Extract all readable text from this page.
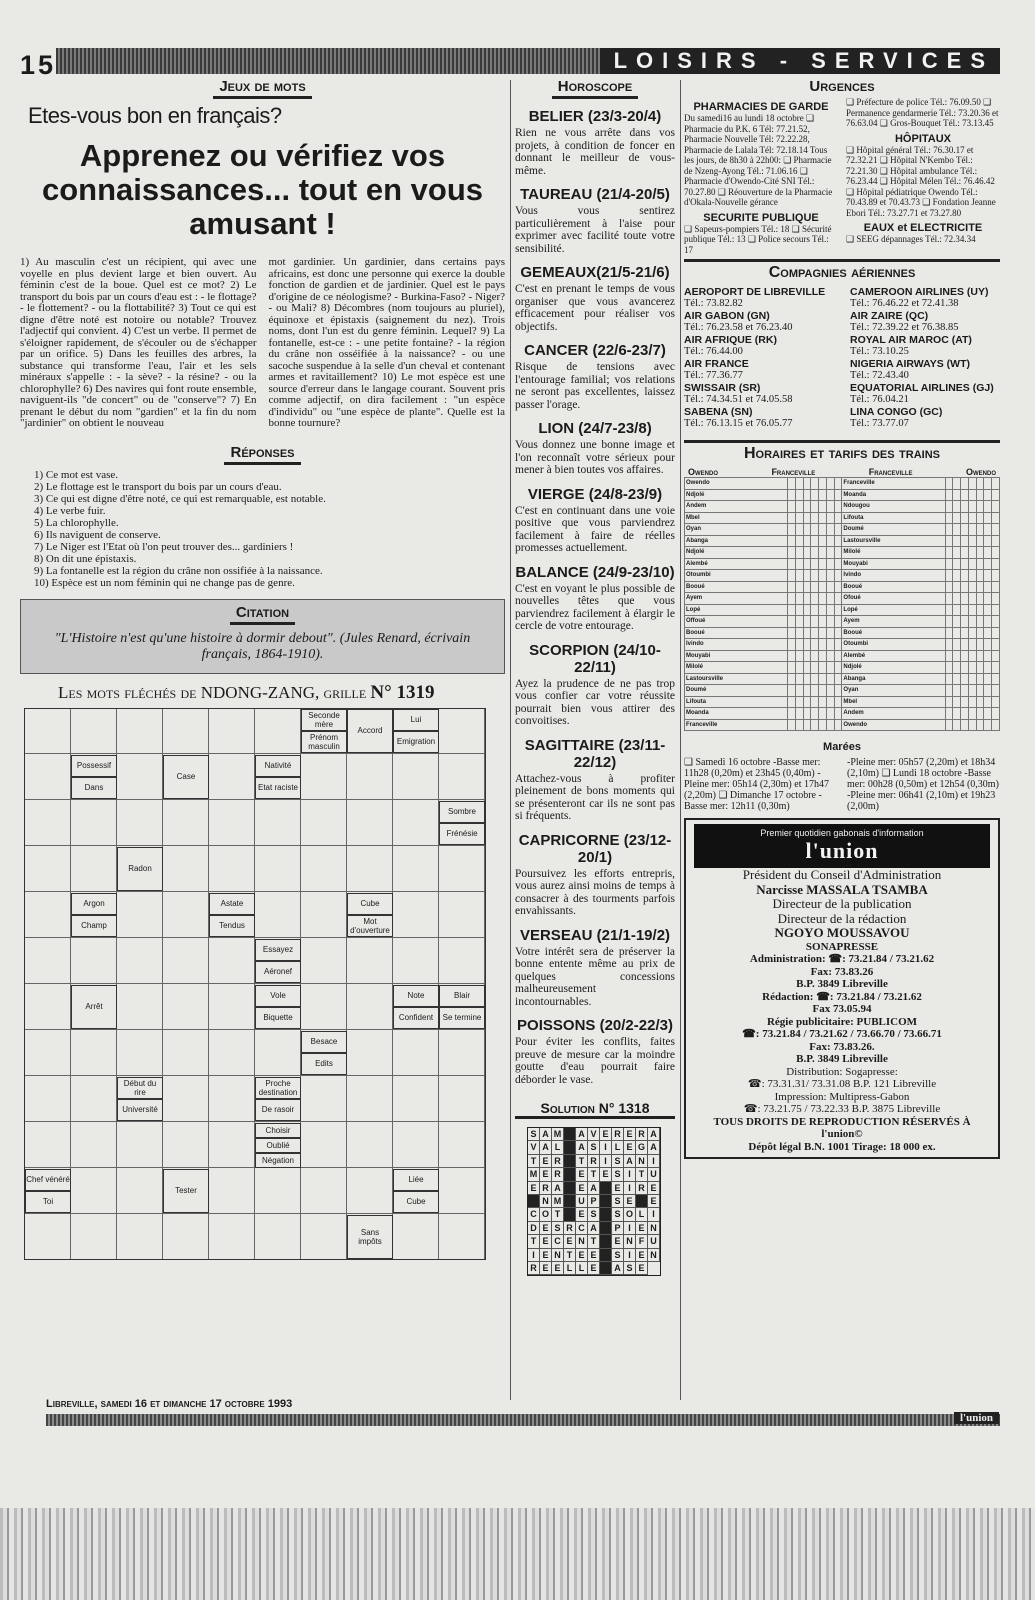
15	LOISIRS - SERVICES
Jeux de mots
Etes-vous bon en français?
Apprenez ou vérifiez vos connaissances... tout en vous amusant !
1) Au masculin c'est un récipient, qui avec une voyelle en plus devient large et bien ouvert. Au féminin c'est de la boue. Quel est ce mot? 2) Le transport du bois par un cours d'eau est : - le flottage? - le flottement? - ou la flottabilité? 3) Tout ce qui est digne d'être noté est notoire ou notable? Trouvez l'adjectif qui convient. 4) C'est un verbe. Il permet de s'éloigner rapidement, de s'écouler ou de s'échapper par un orifice. 5) Dans les feuilles des arbres, la substance qui transforme l'eau, l'air et les sels minéraux s'appelle : - la sève? - la résine? - ou la chlorophylle? 6) Des navires qui font route ensemble, naviguent-ils "de concert" ou de "conserve"? 7) En prenant le début du nom "gardien" et la fin du nom "jardinier" on obtient le nouveau
mot gardinier. Un gardinier, dans certains pays africains, est donc une personne qui exerce la double fonction de gardien et de jardinier. Quel est le pays d'origine de ce néologisme? - Burkina-Faso? - Niger? - ou Mali? 8) Décombres (nom toujours au pluriel), équinoxe et épistaxis (saignement du nez). Trois noms, dont l'un est du genre féminin. Lequel? 9) La fontanelle, est-ce : - une petite fontaine? - la région du crâne non osséifiée à la naissance? - ou une sacoche suspendue à la selle d'un cheval et contenant armes et ravitaillement? 10) Le mot espèce est une source d'erreur dans le langage courant. Souvent pris comme adjectif, on dira facilement : "un espèce d'individu" ou "une espèce de plante". Quelle est la bonne tournure?
Réponses
1) Ce mot est vase.
2) Le flottage est le transport du bois par un cours d'eau.
3) Ce qui est digne d'être noté, ce qui est remarquable, est notable.
4) Le verbe fuir.
5) La chlorophylle.
6) Ils naviguent de conserve.
7) Le Niger est l'Etat où l'on peut trouver des... gardiniers !
8) On dit une épistaxis.
9) La fontanelle est la région du crâne non ossifiée à la naissance.
10) Espèce est un nom féminin qui ne change pas de genre.
Citation
"L'Histoire n'est qu'une histoire à dormir debout". (Jules Renard, écrivain français, 1864-1910).
Les mots fléchés de NDONG-ZANG, grille N° 1319
Seconde mère
Prénom masculin
Accord
Lui
Emigration
Possessif
Dans
Case
Nativité
Etat raciste
Sombre
Frénésie
Radon
Argon
Champ
Astate
Tendus
Cube
Mot d'ouverture
Essayez
Aéronef
Vole
Biquette
Note
Confident
Blair
Se termine
Arrêt
Besace
Edits
Début du rire
Université
Proche destination
De rasoir
Choisir
Oublié
Négation
Chef vénéré
Toi
Tester
Liée
Cube
Sans impôts
Horoscope
BELIER (23/3-20/4)
Rien ne vous arrête dans vos projets, à condition de foncer en donnant le meilleur de vous-même.
TAUREAU (21/4-20/5)
Vous vous sentirez particulièrement à l'aise pour exprimer avec facilité toute votre sensibilité.
GEMEAUX(21/5-21/6)
C'est en prenant le temps de vous organiser que vous avancerez efficacement pour réaliser vos objectifs.
CANCER (22/6-23/7)
Risque de tensions avec l'entourage familial; vos relations ne seront pas excellentes, laissez passer l'orage.
LION (24/7-23/8)
Vous donnez une bonne image et l'on reconnaît votre sérieux pour mener à bien toutes vos affaires.
VIERGE (24/8-23/9)
C'est en continuant dans une voie positive que vous parviendrez facilement à faire de réelles promesses actuellement.
BALANCE (24/9-23/10)
C'est en voyant le plus possible de nouvelles têtes que vous parviendrez facilement à élargir le cercle de votre entourage.
SCORPION (24/10-22/11)
Ayez la prudence de ne pas trop vous confier car votre réussite pourrait bien vous attirer des convoitises.
SAGITTAIRE (23/11-22/12)
Attachez-vous à profiter pleinement de bons moments qui se présenteront car ils ne sont pas si fréquents.
CAPRICORNE (23/12-20/1)
Poursuivez les efforts entrepris, vous aurez ainsi moins de temps à consacrer à des tourments parfois envahissants.
VERSEAU (21/1-19/2)
Votre intérêt sera de préserver la bonne entente même au prix de quelques concessions malheureusement incontournables.
POISSONS (20/2-22/3)
Pour éviter les conflits, faites preuve de mesure car la moindre goutte d'eau pourrait faire déborder le vase.
Solution N° 1318
S A M	A V E R E R A
V A L	A S I L E G A
T E R	T R I S A N I
M E R	E T E S I T U
E R A	E A	E I R E
N M	U P	S E	E
C O T	E S	S O L I
D E S R C A	P I E N
T E C E N T	E N F U
I E N T E E	S I E N
R E E L L E	A S E
Urgences
PHARMACIES DE GARDE
Du samedi16 au lundi 18 octobre ❑ Pharmacie du P.K. 6 Tél: 77.21.52, Pharmacie Nouvelle Tél: 72.22.28, Pharmacie de Lalala Tél: 72.18.14 Tous les jours, de 8h30 à 22h00: ❑ Pharmacie de Nzeng-Ayong Tél.: 71.06.16 ❑ Pharmacie d'Owendo-Cité SNI Tél.: 70.27.80 ❑ Réouverture de la Pharmacie d'Okala-Nouvelle gérance
SECURITE PUBLIQUE
❑ Sapeurs-pompiers Tél.: 18 ❑ Sécurité publique Tél.: 13 ❑ Police secours Tél.: 17
❑ Préfecture de police Tél.: 76.09.50 ❑ Permanence gendarmerie Tél.: 73.20.36 et 76.63.04 ❑ Gros-Bouquet Tél.: 73.13.45
HÔPITAUX
❑ Hôpital général Tél.: 76.30.17 et 72.32.21 ❑ Hôpital N'Kembo Tél.: 72.21.30 ❑ Hôpital ambulance Tél.: 76.23.44 ❑ Hôpital Mélen Tél.: 76.46.42 ❑ Hôpital pédiatrique Owendo Tél.: 70.43.89 et 70.43.73 ❑ Fondation Jeanne Ebori Tél.: 73.27.71 et 73.27.80
EAUX et ELECTRICITE
❑ SEEG dépannages Tél.: 72.34.34
Compagnies aériennes
AEROPORT DE LIBREVILLE
Tél.: 73.82.82
AIR GABON (GN)
Tél.: 76.23.58 et 76.23.40
AIR AFRIQUE (RK)
Tél.: 76.44.00
AIR FRANCE
Tél.: 77.36.77
SWISSAIR (SR)
Tél.: 74.34.51 et 74.05.58
SABENA (SN)
Tél.: 76.13.15 et 76.05.77
CAMEROON AIRLINES (UY)
Tél.: 76.46.22 et 72.41.38
AIR ZAIRE (QC)
Tél.: 72.39.22 et 76.38.85
ROYAL AIR MAROC (AT)
Tél.: 73.10.25
NIGERIA AIRWAYS (WT)
Tél.: 72.43.40
EQUATORIAL AIRLINES (GJ)
Tél.: 76.04.21
LINA CONGO (GC)
Tél.: 73.77.07
Horaires et tarifs des trains
Owendo	Franceville	Franceville	Owendo
Owendo								Franceville							
Ndjolé								Moanda							
Andem								Ndougou							
Mbel								Lifouta							
Oyan								Doumé							
Abanga								Lastoursville							
Ndjolé								Milolé							
Alembé								Mouyabi							
Otoumbi								Ivindo							
Booué								Booué							
Ayem								Ofoué							
Lopé								Lopé							
Offoué								Ayem							
Booué								Booué							
Ivindo								Otoumbi							
Mouyabi								Alembé							
Milolé								Ndjolé							
Lastoursville								Abanga							
Doumé								Oyan							
Lifouta								Mbel							
Moanda								Andem							
Franceville								Owendo							
Marées
❑ Samedi 16 octobre -Basse mer: 11h28 (0,20m) et 23h45 (0,40m) -Pleine mer: 05h14 (2,30m) et 17h47 (2,20m) ❑ Dimanche 17 octobre -Basse mer: 12h11 (0,30m)
-Pleine mer: 05h57 (2,20m) et 18h34 (2,10m) ❑ Lundi 18 octobre -Basse mer: 00h28 (0,50m) et 12h54 (0,30m) -Pleine mer: 06h41 (2,10m) et 19h23 (2,00m)
Premier quotidien gabonais d'information
l'union
Président du Conseil d'Administration
Narcisse MASSALA TSAMBA
Directeur de la publication
Directeur de la rédaction
NGOYO MOUSSAVOU
SONAPRESSE
Administration: ☎: 73.21.84 / 73.21.62
Fax: 73.83.26
B.P. 3849 Libreville
Rédaction: ☎: 73.21.84 / 73.21.62
Fax 73.05.94
Régie publicitaire: PUBLICOM
☎: 73.21.84 / 73.21.62 / 73.66.70 / 73.66.71
Fax: 73.83.26.
B.P. 3849 Libreville
Distribution: Sogapresse:
☎: 73.31.31/ 73.31.08 B.P. 121 Libreville
Impression: Multipress-Gabon
☎: 73.21.75 / 73.22.33 B.P. 3875 Libreville
TOUS DROITS DE REPRODUCTION RÉSERVÉS À l'union©
Dépôt légal B.N. 1001 Tirage: 18 000 ex.
Libreville, samedi 16 et dimanche 17 octobre 1993
l'union
